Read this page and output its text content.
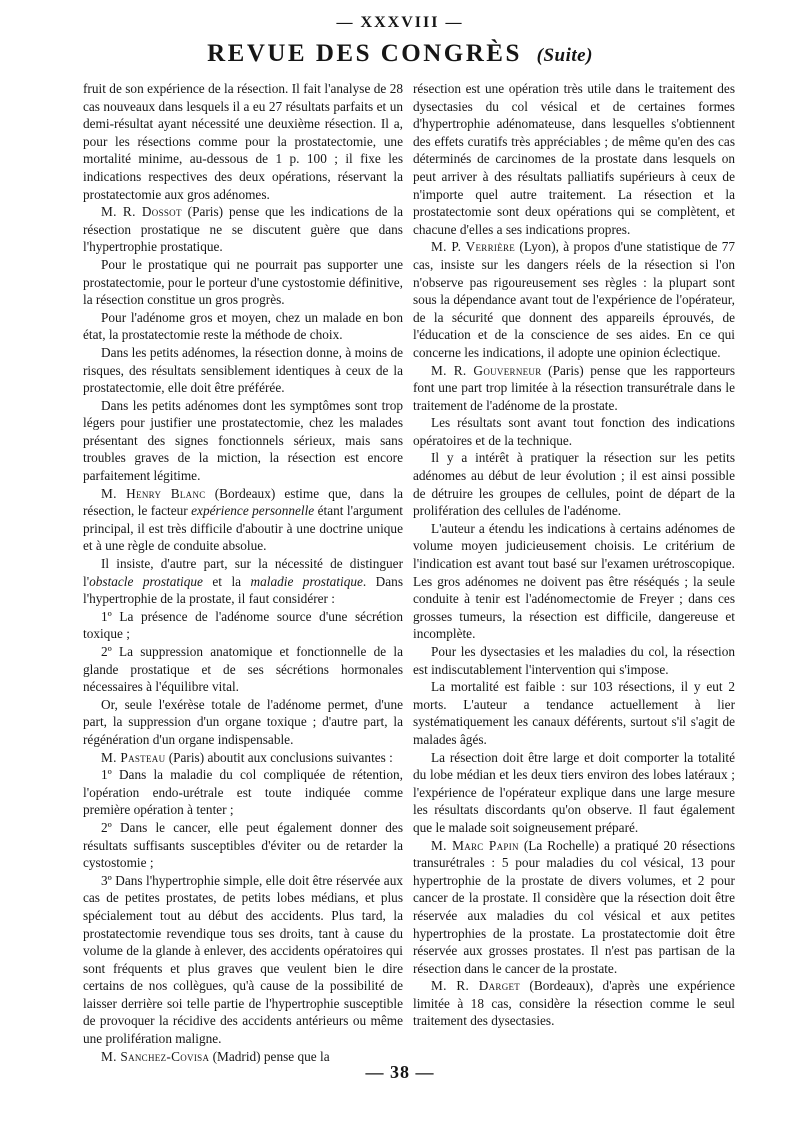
— XXXVIII —
REVUE DES CONGRÈS (Suite)

fruit de son expérience de la résection. Il fait l'analyse de 28 cas nouveaux dans lesquels il a eu 27 résultats parfaits et un demi-résultat ayant nécessité une deuxième résection. Il a, pour les résections comme pour la prostatectomie, une mortalité minime, au-dessous de 1 p. 100 ; il fixe les indications respectives des deux opérations, réservant la prostatectomie aux gros adénomes.

M. R. Dossot (Paris) pense que les indications de la résection prostatique ne se discutent guère que dans l'hypertrophie prostatique.

Pour le prostatique qui ne pourrait pas supporter une prostatectomie, pour le porteur d'une cystostomie définitive, la résection constitue un gros progrès.

Pour l'adénome gros et moyen, chez un malade en bon état, la prostatectomie reste la méthode de choix.

Dans les petits adénomes, la résection donne, à moins de risques, des résultats sensiblement identiques à ceux de la prostatectomie, elle doit être préférée.

Dans les petits adénomes dont les symptômes sont trop légers pour justifier une prostatectomie, chez les malades présentant des signes fonctionnels sérieux, mais sans troubles graves de la miction, la résection est encore parfaitement légitime.

M. Henry Blanc (Bordeaux) estime que, dans la résection, le facteur expérience personnelle étant l'argument principal, il est très difficile d'aboutir à une doctrine unique et à une règle de conduite absolue.

Il insiste, d'autre part, sur la nécessité de distinguer l'obstacle prostatique et la maladie prostatique. Dans l'hypertrophie de la prostate, il faut considérer :

1º La présence de l'adénome source d'une sécrétion toxique ;

2º La suppression anatomique et fonctionnelle de la glande prostatique et de ses sécrétions hormonales nécessaires à l'équilibre vital.

Or, seule l'exérèse totale de l'adénome permet, d'une part, la suppression d'un organe toxique ; d'autre part, la régénération d'un organe indispensable.

M. Pasteau (Paris) aboutit aux conclusions suivantes :

1º Dans la maladie du col compliquée de rétention, l'opération endo-urétrale est toute indiquée comme première opération à tenter ;

2º Dans le cancer, elle peut également donner des résultats suffisants susceptibles d'éviter ou de retarder la cystostomie ;

3º Dans l'hypertrophie simple, elle doit être réservée aux cas de petites prostates, de petits lobes médians, et plus spécialement tout au début des accidents. Plus tard, la prostatectomie revendique tous ses droits, tant à cause du volume de la glande à enlever, des accidents opératoires qui sont fréquents et plus graves que veulent bien le dire certains de nos collègues, qu'à cause de la possibilité de laisser derrière soi telle partie de l'hypertrophie susceptible de provoquer la récidive des accidents antérieurs ou même une prolifération maligne.

M. Sanchez-Covisa (Madrid) pense que la

résection est une opération très utile dans le traitement des dysectasies du col vésical et de certaines formes d'hypertrophie adénomateuse, dans lesquelles s'obtiennent des effets curatifs très appréciables ; de même qu'en des cas déterminés de carcinomes de la prostate dans lesquels on peut arriver à des résultats palliatifs supérieurs à ceux de n'importe quel autre traitement. La résection et la prostatectomie sont deux opérations qui se complètent, et chacune d'elles a ses indications propres.

M. P. Verrière (Lyon), à propos d'une statistique de 77 cas, insiste sur les dangers réels de la résection si l'on n'observe pas rigoureusement ses règles : la plupart sont sous la dépendance avant tout de l'expérience de l'opérateur, de la sécurité que donnent des appareils éprouvés, de l'éducation et de la conscience de ses aides. En ce qui concerne les indications, il adopte une opinion éclectique.

M. R. Gouverneur (Paris) pense que les rapporteurs font une part trop limitée à la résection transurétrale dans le traitement de l'adénome de la prostate.

Les résultats sont avant tout fonction des indications opératoires et de la technique.

Il y a intérêt à pratiquer la résection sur les petits adénomes au début de leur évolution ; il est ainsi possible de détruire les groupes de cellules, point de départ de la prolifération des cellules de l'adénome.

L'auteur a étendu les indications à certains adénomes de volume moyen judicieusement choisis. Le critérium de l'indication est avant tout basé sur l'examen urétroscopique. Les gros adénomes ne doivent pas être réséqués ; la seule conduite à tenir est l'adénomectomie de Freyer ; dans ces grosses tumeurs, la résection est difficile, dangereuse et incomplète.

Pour les dysectasies et les maladies du col, la résection est indiscutablement l'intervention qui s'impose.

La mortalité est faible : sur 103 résections, il y eut 2 morts. L'auteur a tendance actuellement à lier systématiquement les canaux déférents, surtout s'il s'agit de malades âgés.

La résection doit être large et doit comporter la totalité du lobe médian et les deux tiers environ des lobes latéraux ; l'expérience de l'opérateur explique dans une large mesure les résultats discordants qu'on observe. Il faut également que le malade soit soigneusement préparé.

M. Marc Papin (La Rochelle) a pratiqué 20 résections transurétrales : 5 pour maladies du col vésical, 13 pour hypertrophie de la prostate de divers volumes, et 2 pour cancer de la prostate. Il considère que la résection doit être réservée aux maladies du col vésical et aux petites hypertrophies de la prostate. La prostatectomie doit être réservée aux grosses prostates. Il n'est pas partisan de la résection dans le cancer de la prostate.

M. R. Darget (Bordeaux), d'après une expérience limitée à 18 cas, considère la résection comme le seul traitement des dysectasies.

— 38 —
